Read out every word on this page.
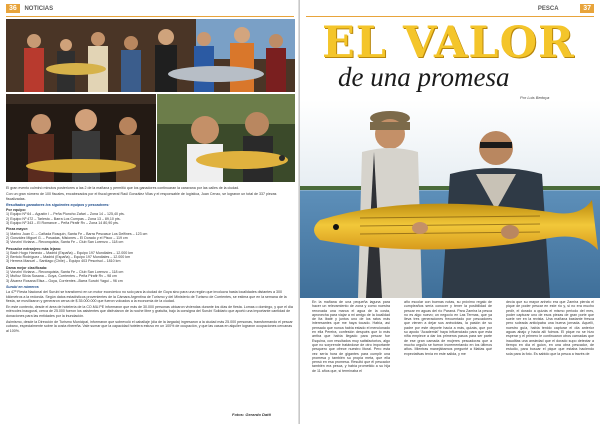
36 NOTICIAS

El gran evento culminó minutos posteriores a las 2 de la mañana y permitió que los ganadores continuaran la caravana por las calles de la ciudad.

Con un gran número de 100 fiscales, encabezados por el fiscal general Raúl González Vilas y el responsable de logística, Juan Cenzo, se lograron un total de 337 piezas fiscalizadas.

Resultados ganadores los siguientes equipos y pescadores:

Por equipo:

1) Equipo Nº 64 – Agustín I – Peña Pluncho Zafari – Zona 14 – 125,40 pts.
2) Equipo Nº 472 – Tarlesto – Barra Los Cumpas – Zona 13 – 89,10 pts.
3) Equipo Nº 343 – El Romance – Peña Pirafir Rv – Zona 14 80,90 pts.

Pieza mayor:

1) Marino Juan C. – Cañada Rosquín, Santa Fe – Barra Pescasur Los Delfines – 123 cm
2) González Miguel G. – Posadas, Misiones – El Dorado y el Pisco – 119 cm
3) Vonzini Viviana – Reconquista, Santa Fe – Club San Lorenzo – 118 cm

Pescador extranjero más lejano:

1) Bach Hugo Hanecio – Madrid (España) – Equipo 197 Mundiales – 12.000 km
2) Bertolo Rodríguez – Madrid (España) – Equipo 197 Mundiales – 12.000 km
3) Herrera Manuel – Santiago (Chile) – Equipo 403 Pescrisol – 1810 km

Dama mejor clasificada:

1) Vonzini Viviana – Reconquista, Santa Fe – Club San Lorenzo – 118 cm
2) Muñoz Silvia Susana – Goya, Corrientes – Peña Pirafir Rv – 98 cm
3) Álvarez Rosana Elisa – Goya, Corrientes –Barra Surubí Yaguí – 96 cm

Surubí en números

La 47º Fiesta Nacional del Surubí se transformó en un motor económico no solo para la ciudad de Goya sino para una región que involucra hasta localidades distantes a 300 kilómetros a la redonda. Según datos estadísticos provenientes de la Cámara Argentina de Turismo y del Ministerio de Turismo de Corrientes, se estima que en la semana de la fiesta, se movilizaron y generaron cerca de $ 35.000.000 que fueron volcados a la economía de la ciudad.

En este contexto, desde el área de hotelería de la CO.MU.PE informaron que más de 30.000 personas ubicaron viviendas durante los días de fiesta. Lomas o domingo, y que el día miércoles inaugural, cerca de 25.000 fueron los asistentes que disfrutaron de la noche libre y gratuita, bajo la consigna del Surubí Solidario que aportó una importante cantidad de donaciones para las entidades por la inundación.

Asimismo, desde la Dirección de Turismo Municipal, informaron que sobrevoló el caballaje (día de la largada) ingresaron a la ciudad más 25.000 personas, transformando el pescar cubano, especialmente sobre la costa ribereña. Vale sumar que la capacidad hotelera estuvo en un 100% de ocupación, y que las casas en alquiler lograron ocupaciones cercanas al 100%.

Fotos: Gerardo Datti
PESCA	37
EL VALOR
de una promesa
Por Luis Bedoya
En la mañana de una pequeña laguna para hacer un relevamiento de zona y como nuestra renovada una marca el agua de la costa, aprovecha para viajar a mi amigo de la localidad de Ita Ibaté y juntos uno de los ratos más interesantes que me haya tocado. Había, así pensado que nunca había estado el mencionado en ella Pereira, confesión después que lo más arriba que había llegado para pescar fue Esquina, con resultados muy satisfactorios, algo que no sorprende tratándose de otro importante pesquero que ofrece nuestro litoral. Pero esta vez sería hora de gigantes para cumplir una promesa y también su propia meta, que ella pensó en esa promesa. Resultó que él pescador también era pesca, y había prometido a su hija de 11 años que, si terminaba el
año escolar con buenas notas, su próximo regalo de cumpleaños sería conocer y tener la posibilidad de pescar en aguas del río Paraná. Para Zamira la pesca no es algo nuevo; un negocio en Las Termas, que ya lleva tres generaciones frecuentado por pescadores que vienen a dejar sus anécdotas, la pasión de su padre por este deporte hacía a más, quizás, que por su apodo “Academia” haya influenciado para que esta niña empiece a dar los primeros pasos para ser parte de ese gran camada de mujeres pescadoras que a mucho orgullo se fueron incrementando en los últimos años. Mientras manejábamos pregunté a Matías qué expectativas tenía en este salida, y me
decía que su mayor anhelo era que Zamira pierda el pique de poder pescar en este río y, si no era mucho pedir, el dorado a quizás el mismo periodo del mes, poder capturar uno de esos piezas de gran porte que suele ver en la revista. Una mañana bastante fresca pero soleada anticipaba una buena jornada. Aquellí, nuestro guía, había tenido capturar el día anterior aguas abajo y hacia allí fuimos. El pique no se hizo esperar y el primero le continuaron otros carnadas que inauditas una ansiedad que el dorado supo detectar a tiempo en día el guion, en una obra pescador, de estudio, para buscar el pique que estaba haciendo sola para la foto. Es sabido que la pesca a través de
